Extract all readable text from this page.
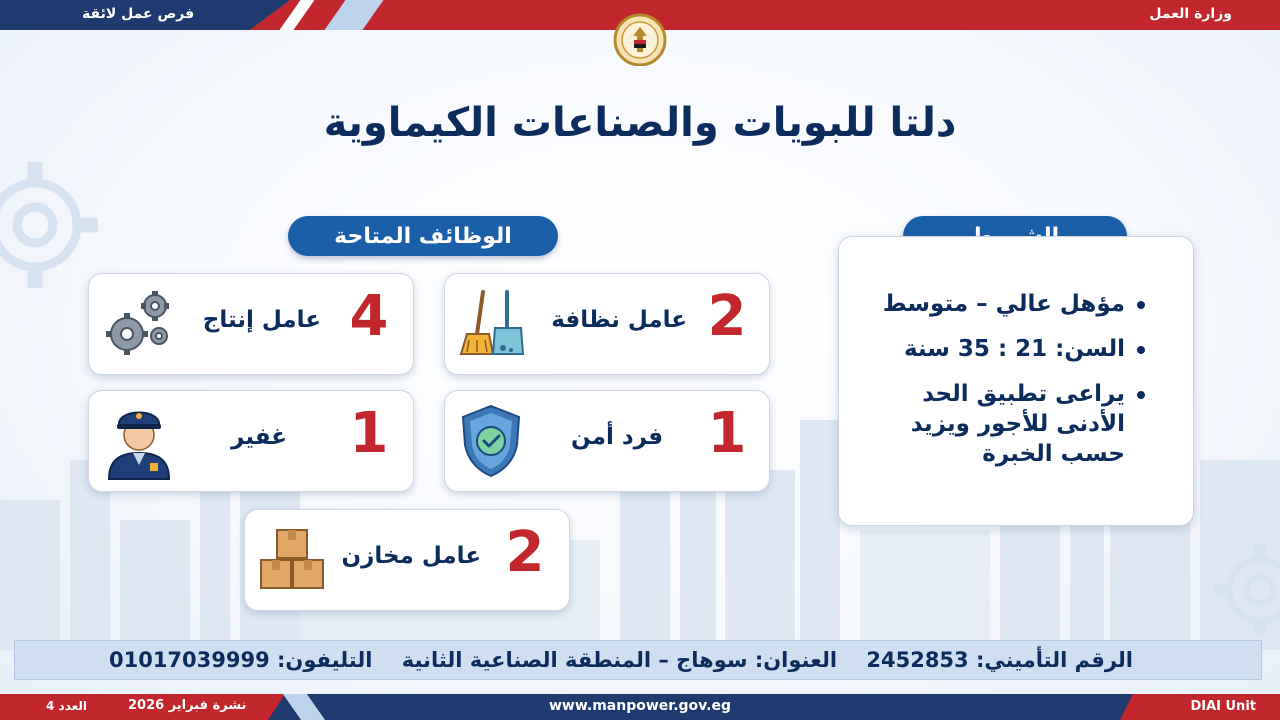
فرص عمل لائقة	وزارة العمل
دلتا للبويات والصناعات الكيماوية
الوظائف المتاحة
مؤهل عالي – متوسط
السن: 21 : 35 سنة
يراعى تطبيق الحد الأدنى للأجور ويزيد حسب الخبرة
2
عامل نظافة
4
عامل إنتاج
1
فرد أمن
1
غفير
2
عامل مخازن
الرقم التأميني: 2452853 العنوان: سوهاج – المنطقة الصناعية الثانية التليفون: 01017039999
العدد 4	نشرة فبراير 2026	www.manpower.gov.eg	DIAI Unit
